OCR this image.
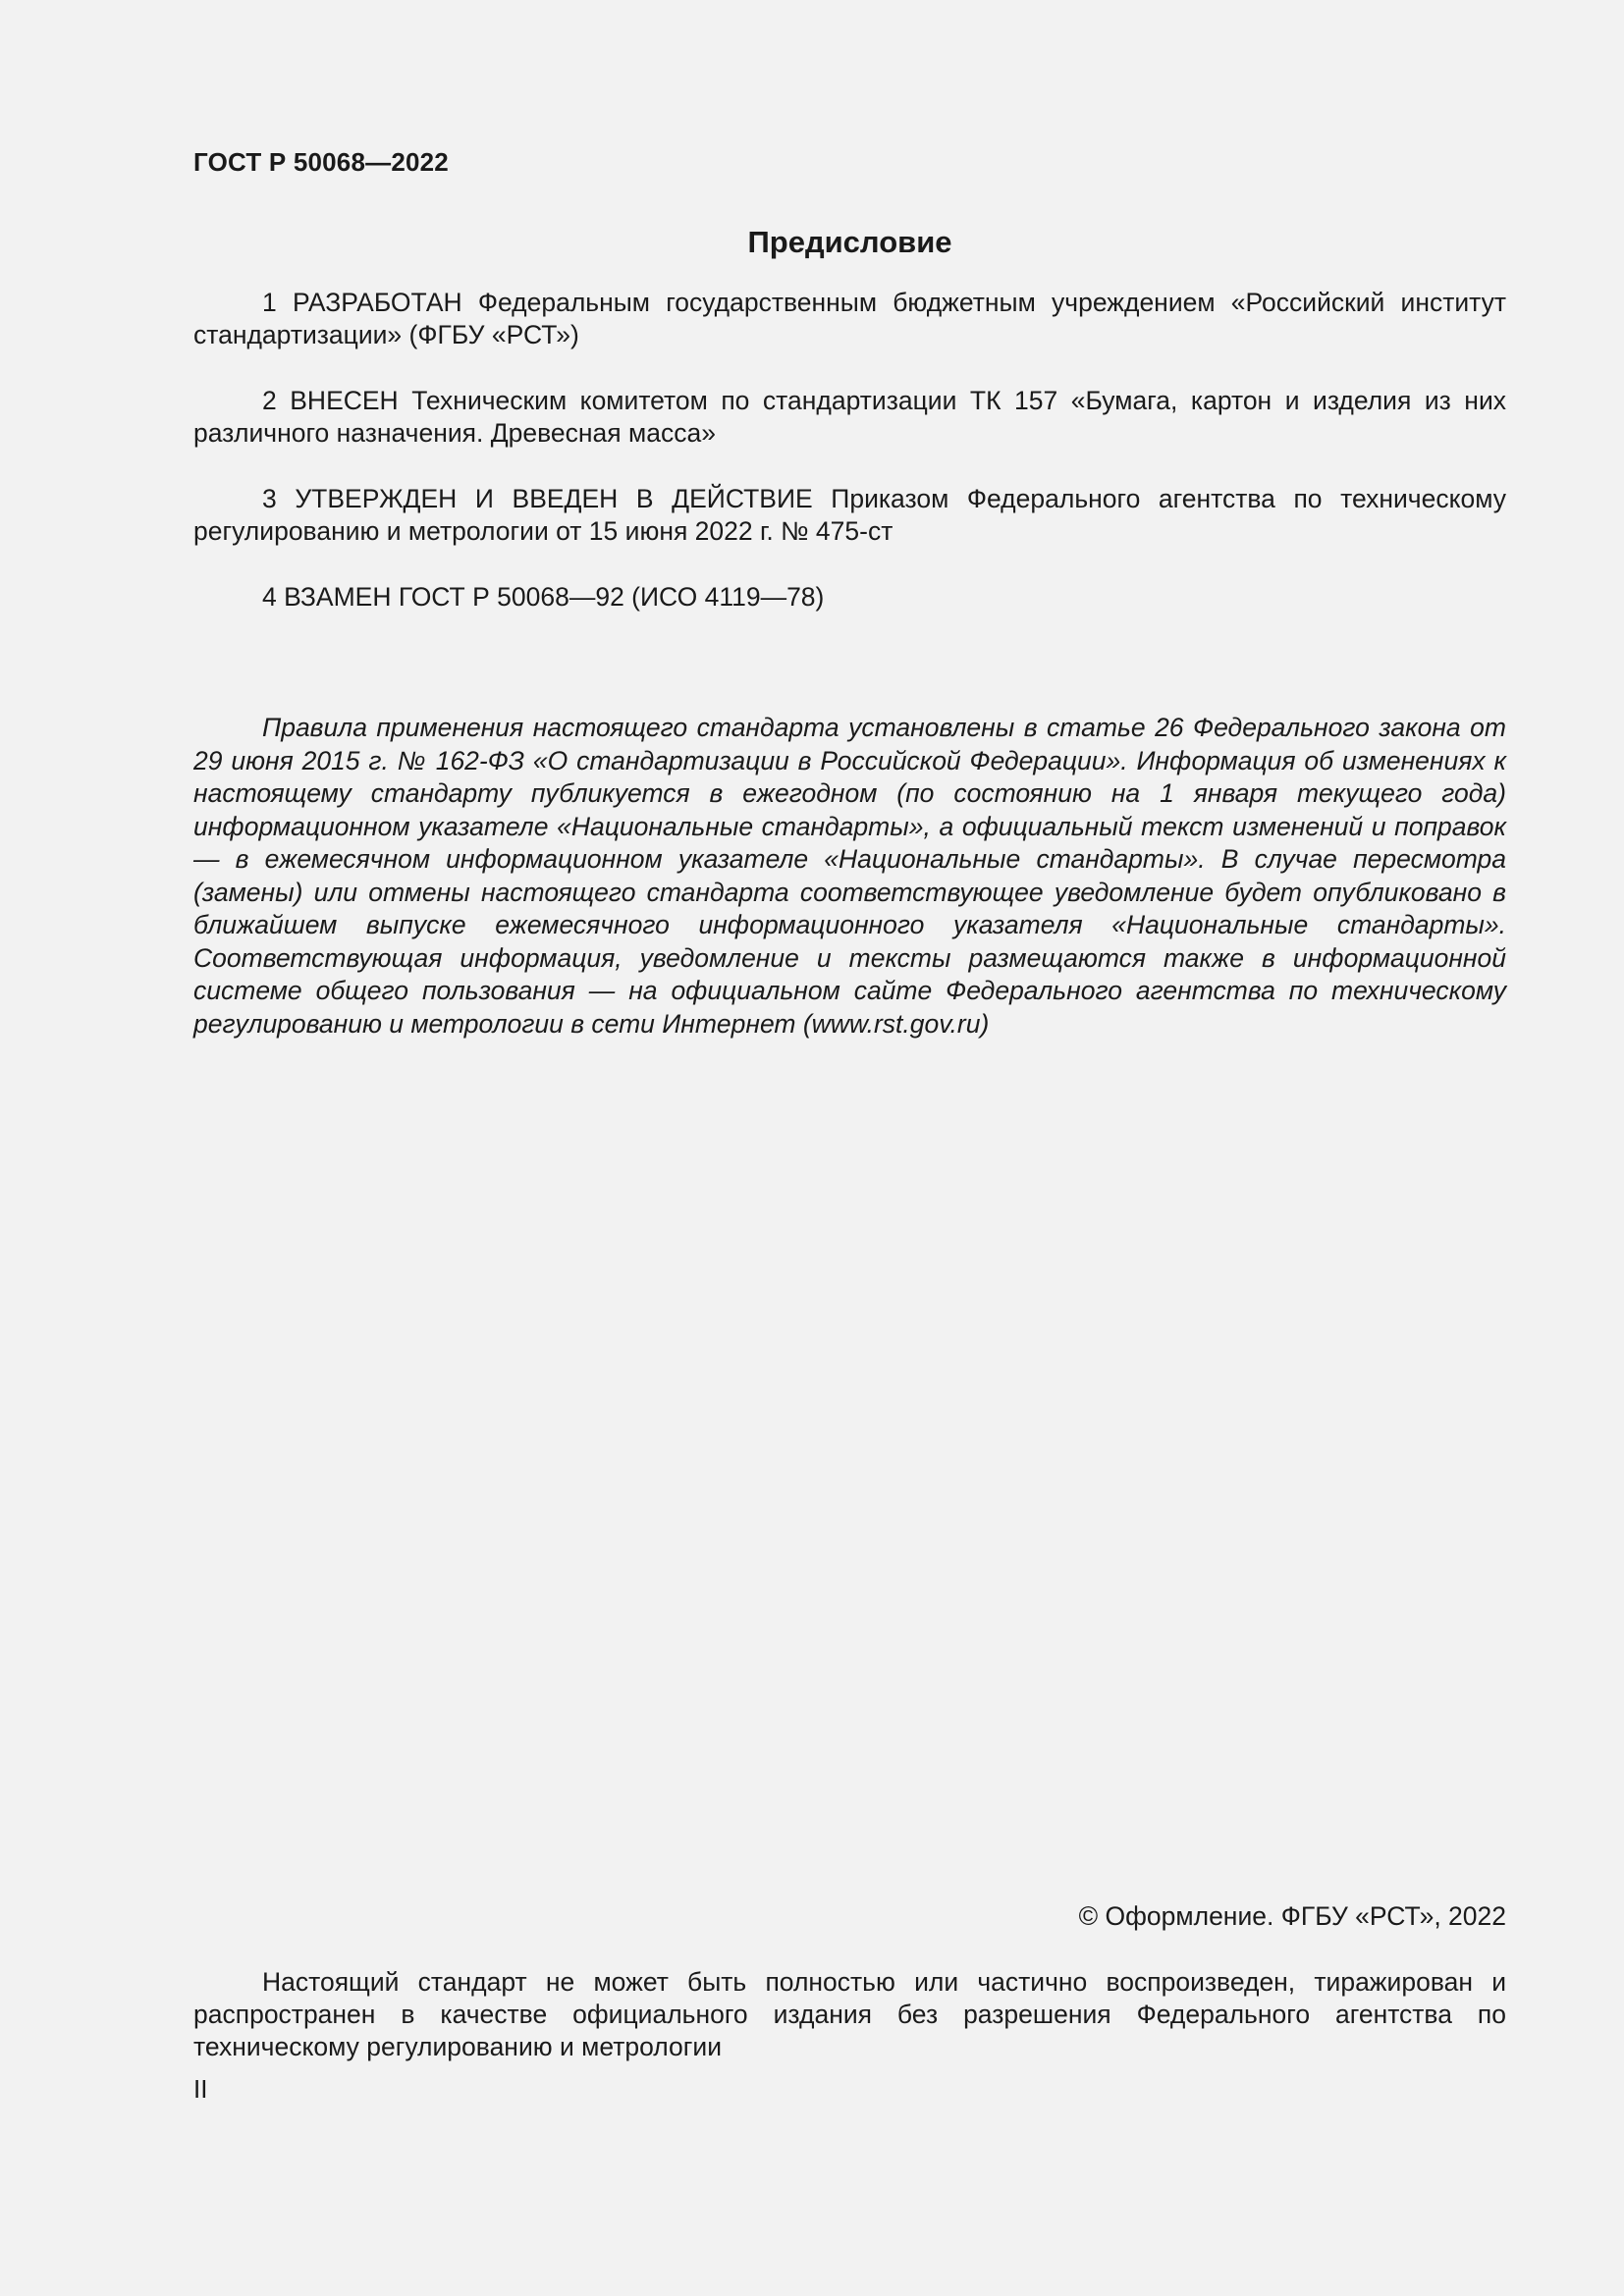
ГОСТ Р 50068—2022
Предисловие

1 РАЗРАБОТАН Федеральным государственным бюджетным учреждением «Российский институт стандартизации» (ФГБУ «РСТ»)

2 ВНЕСЕН Техническим комитетом по стандартизации ТК 157 «Бумага, картон и изделия из них различного назначения. Древесная масса»

3 УТВЕРЖДЕН И ВВЕДЕН В ДЕЙСТВИЕ Приказом Федерального агентства по техническому регулированию и метрологии от 15 июня 2022 г. № 475-ст

4 ВЗАМЕН ГОСТ Р 50068—92 (ИСО 4119—78)

Правила применения настоящего стандарта установлены в статье 26 Федерального закона от 29 июня 2015 г. № 162-ФЗ «О стандартизации в Российской Федерации». Информация об изменениях к настоящему стандарту публикуется в ежегодном (по состоянию на 1 января текущего года) информационном указателе «Национальные стандарты», а официальный текст изменений и поправок — в ежемесячном информационном указателе «Национальные стандарты». В случае пересмотра (замены) или отмены настоящего стандарта соответствующее уведомление будет опубликовано в ближайшем выпуске ежемесячного информационного указателя «Национальные стандарты». Соответствующая информация, уведомление и тексты размещаются также в информационной системе общего пользования — на официальном сайте Федерального агентства по техническому регулированию и метрологии в сети Интернет (www.rst.gov.ru)

© Оформление. ФГБУ «РСТ», 2022

Настоящий стандарт не может быть полностью или частично воспроизведен, тиражирован и распространен в качестве официального издания без разрешения Федерального агентства по техническому регулированию и метрологии

II
